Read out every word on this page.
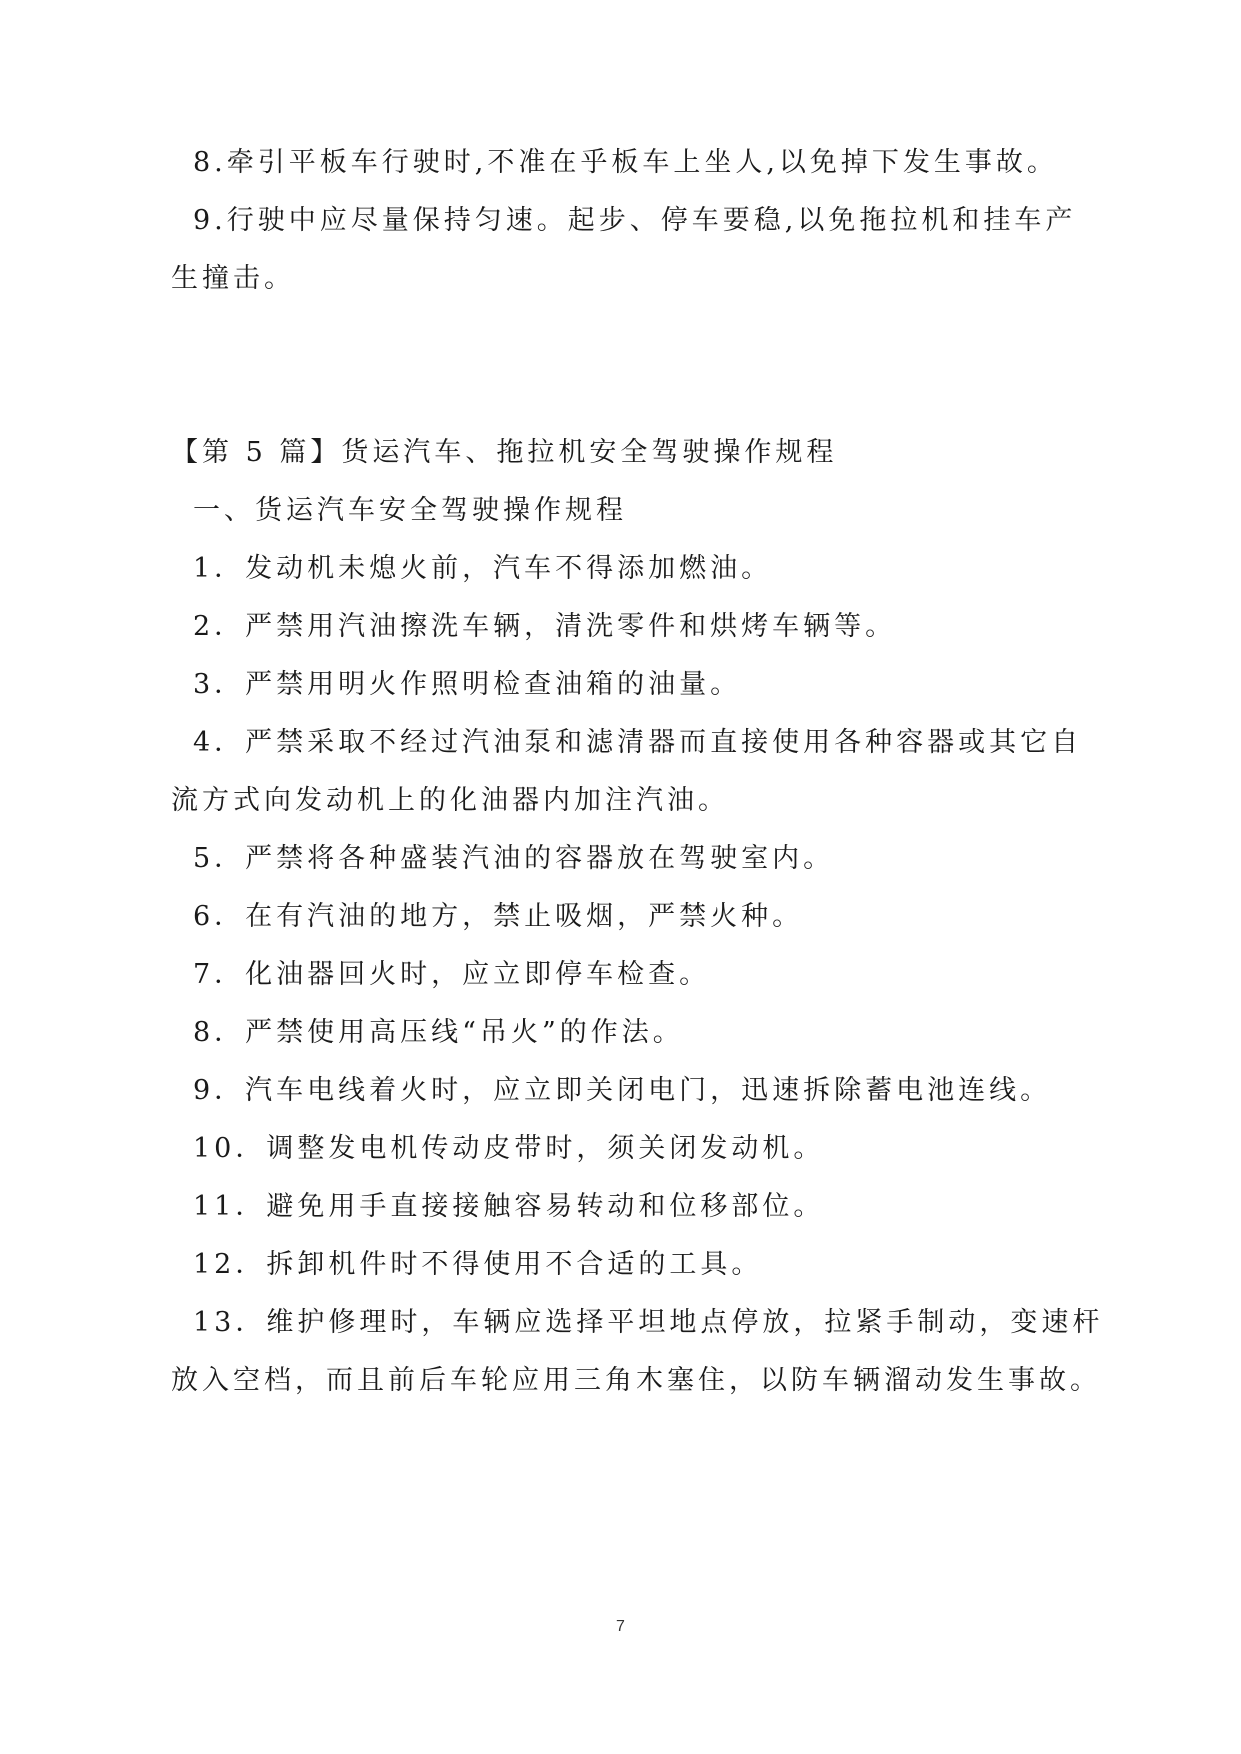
8.牵引平板车行驶时,不准在乎板车上坐人,以免掉下发生事故。
9.行驶中应尽量保持匀速。起步、停车要稳,以免拖拉机和挂车产
生撞击。
【第 5 篇】货运汽车、拖拉机安全驾驶操作规程
一、货运汽车安全驾驶操作规程
1．发动机未熄火前，汽车不得添加燃油。
2．严禁用汽油擦洗车辆，清洗零件和烘烤车辆等。
3．严禁用明火作照明检查油箱的油量。
4．严禁采取不经过汽油泵和滤清器而直接使用各种容器或其它自
流方式向发动机上的化油器内加注汽油。
5．严禁将各种盛装汽油的容器放在驾驶室内。
6．在有汽油的地方，禁止吸烟，严禁火种。
7．化油器回火时，应立即停车检查。
8．严禁使用高压线“吊火”的作法。
9．汽车电线着火时，应立即关闭电门，迅速拆除蓄电池连线。
10．调整发电机传动皮带时，须关闭发动机。
11．避免用手直接接触容易转动和位移部位。
12．拆卸机件时不得使用不合适的工具。
13．维护修理时，车辆应选择平坦地点停放，拉紧手制动，变速杆
放入空档，而且前后车轮应用三角木塞住，以防车辆溜动发生事故。
7
